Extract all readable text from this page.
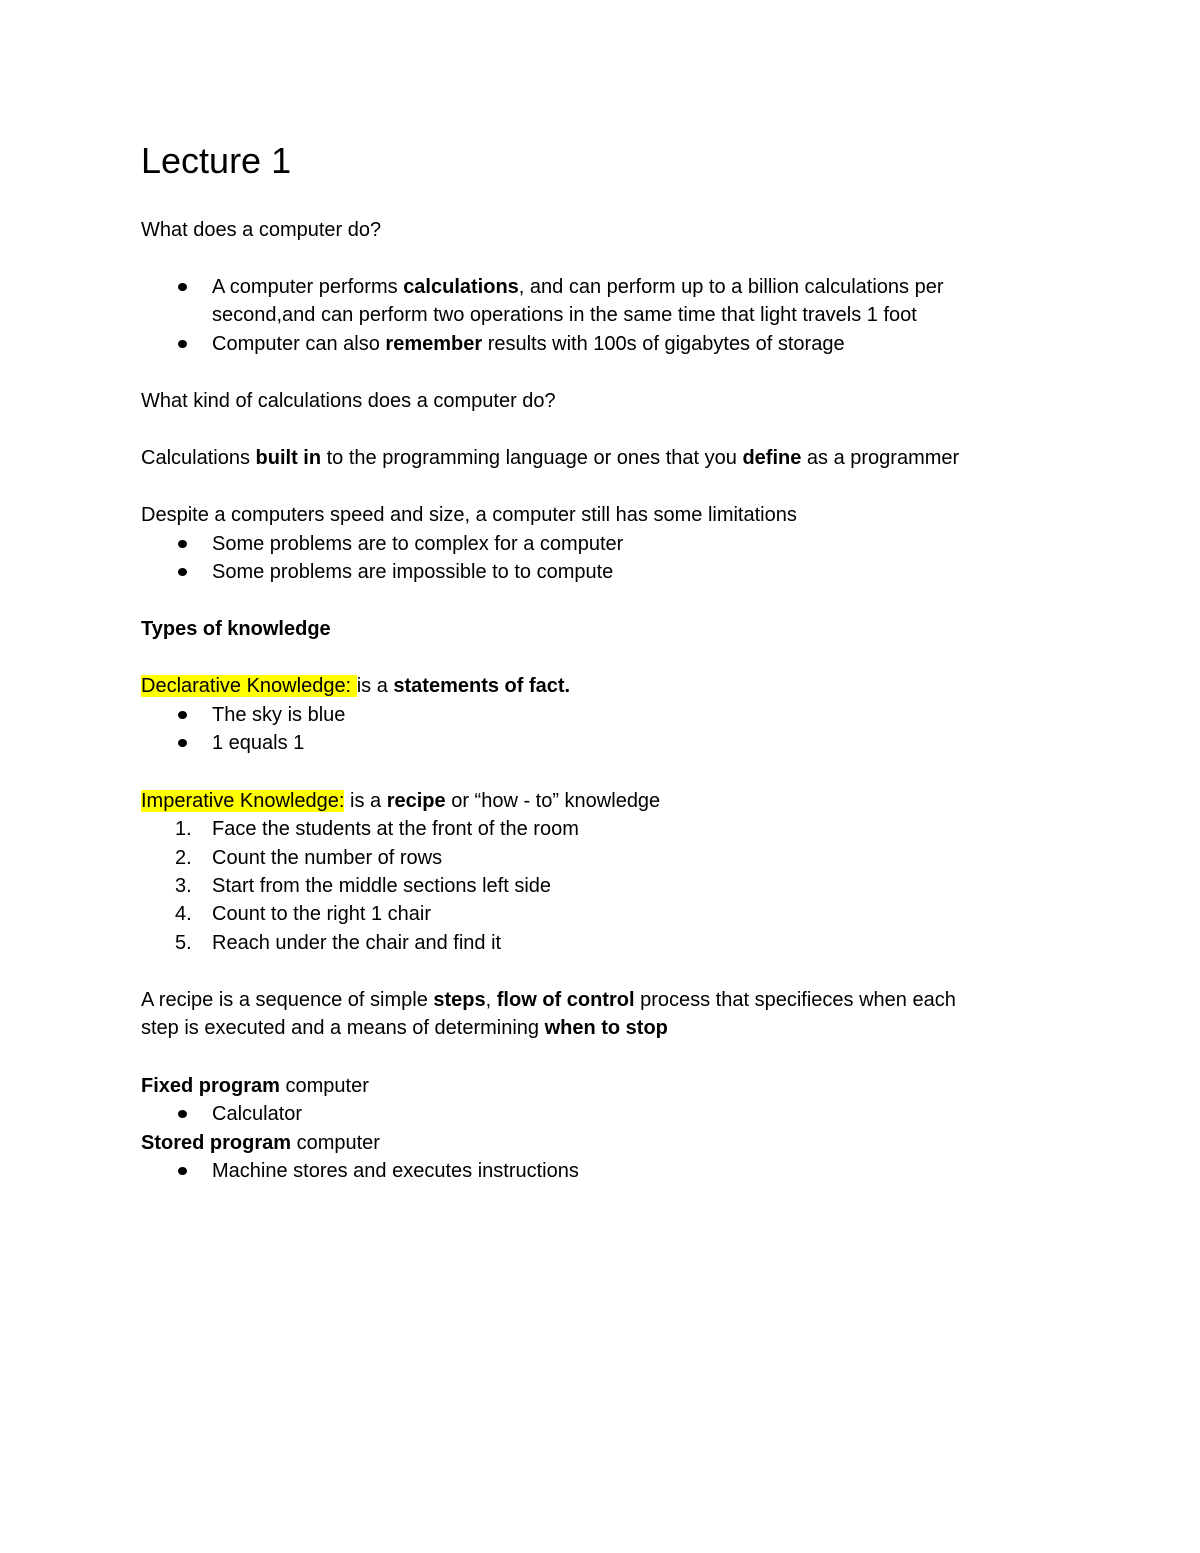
Lecture 1
What does a computer do?
A computer performs calculations, and can perform up to a billion calculations per
second,and can perform two operations in the same time that light travels 1 foot
Computer can also remember results with 100s of gigabytes of storage
What kind of calculations does a computer do?
Calculations built in to the programming language or ones that you define as a programmer
Despite a computers speed and size, a computer still has some limitations
Some problems are to complex for a computer
Some problems are impossible to to compute
Types of knowledge
Declarative Knowledge: is a statements of fact.
The sky is blue
1 equals 1
Imperative Knowledge: is a recipe or “how - to” knowledge
1. Face the students at the front of the room
2. Count the number of rows
3. Start from the middle sections left side
4. Count to the right 1 chair
5. Reach under the chair and find it
A recipe is a sequence of simple steps, flow of control process that specifieces when each
step is executed and a means of determining when to stop
Fixed program computer
Calculator
Stored program computer
Machine stores and executes instructions
